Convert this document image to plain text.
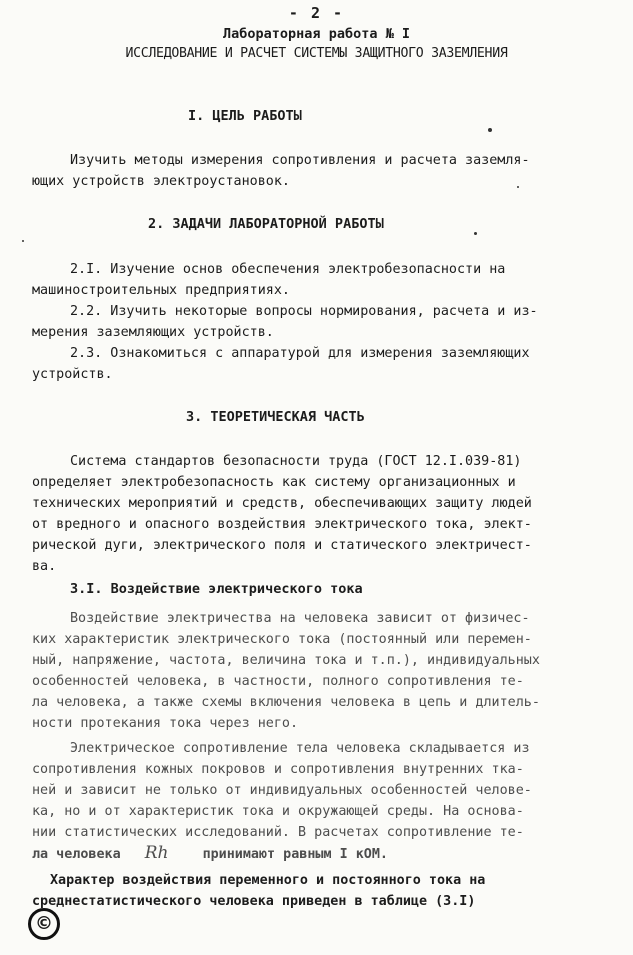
- 2 -
Лабораторная работа № I
ИССЛЕДОВАНИЕ И РАСЧЕТ СИСТЕМЫ ЗАЩИТНОГО ЗАЗЕМЛЕНИЯ
I. ЦЕЛЬ РАБОТЫ
Изучить методы измерения сопротивления и расчета заземля-
ющих устройств электроустановок.
2. ЗАДАЧИ ЛАБОРАТОРНОЙ РАБОТЫ
2.I. Изучение основ обеспечения электробезопасности на
машиностроительных предприятиях.
2.2. Изучить некоторые вопросы нормирования, расчета и из-
мерения заземляющих устройств.
2.3. Ознакомиться с аппаратурой для измерения заземляющих
устройств.
3. ТЕОРЕТИЧЕСКАЯ ЧАСТЬ
Система стандартов безопасности труда (ГОСТ 12.I.039-81)
определяет электробезопасность как систему организационных и
технических мероприятий и средств, обеспечивающих защиту людей
от вредного и опасного воздействия электрического тока, элект-
рической дуги, электрического поля и статического электричест-
ва.
3.I. Воздействие электрического тока
Воздействие электричества на человека зависит от физичес-
ких характеристик электрического тока (постоянный или перемен-
ный, напряжение, частота, величина тока и т.п.), индивидуальных
особенностей человека, в частности, полного сопротивления те-
ла человека, а также схемы включения человека в цепь и длитель-
ности протекания тока через него.
Электрическое сопротивление тела человека складывается из
сопротивления кожных покровов и сопротивления внутренних тка-
ней и зависит не только от индивидуальных особенностей челове-
ка, но и от характеристик тока и окружающей среды. На основа-
нии статистических исследований. В расчетах сопротивление те-
ла человека Rh	принимают равным I кОМ.
Характер воздействия переменного и постоянного тока на
среднестатистического человека приведен в таблице (3.I)
©
